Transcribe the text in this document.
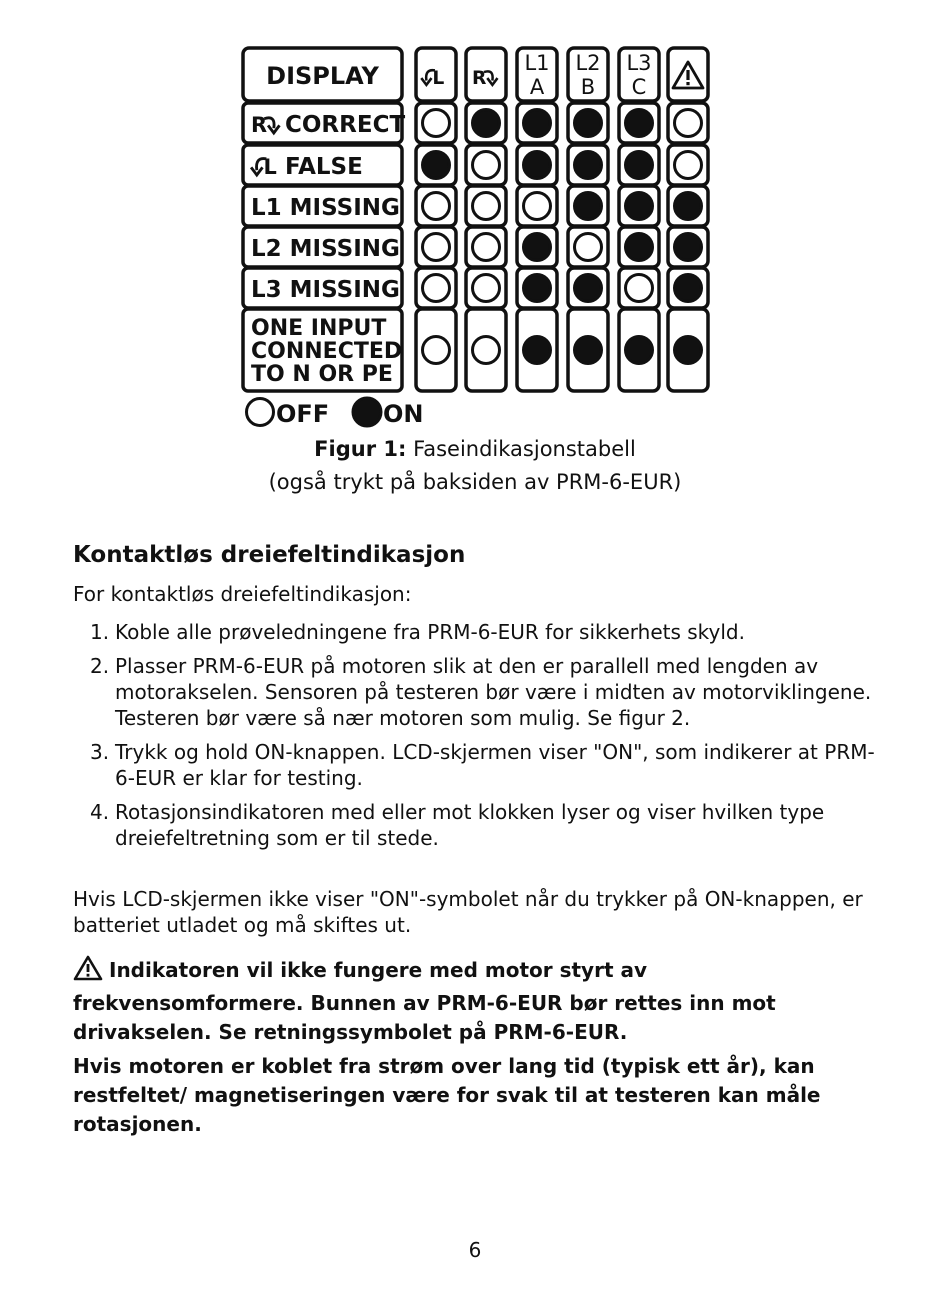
DISPLAY	L R
L1
A
L2
B
L3
C
R CORRECT
L FALSE
L1 MISSING
L2 MISSING
L3 MISSING
ONE INPUT
CONNECTED
TO N OR PE
OFF ON
Figur 1: Faseindikasjonstabell
(også trykt på baksiden av PRM-6-EUR)
Kontaktløs dreiefeltindikasjon
For kontaktløs dreiefeltindikasjon:
1. Koble alle prøveledningene fra PRM-6-EUR for sikkerhets skyld.
2. Plasser PRM-6-EUR på motoren slik at den er parallell med lengden av motorakselen. Sensoren på testeren bør være i midten av motorviklingene. Testeren bør være så nær motoren som mulig. Se figur 2.
3. Trykk og hold ON-knappen. LCD-skjermen viser "ON", som indikerer at PRM-6-EUR er klar for testing.
4. Rotasjonsindikatoren med eller mot klokken lyser og viser hvilken type dreiefeltretning som er til stede.
Hvis LCD-skjermen ikke viser "ON"-symbolet når du trykker på ON-knappen, er batteriet utladet og må skiftes ut.
Indikatoren vil ikke fungere med motor styrt av frekvensomformere. Bunnen av PRM-6-EUR bør rettes inn mot drivakselen. Se retningssymbolet på PRM-6-EUR.
Hvis motoren er koblet fra strøm over lang tid (typisk ett år), kan restfeltet/ magnetiseringen være for svak til at testeren kan måle rotasjonen.
6
